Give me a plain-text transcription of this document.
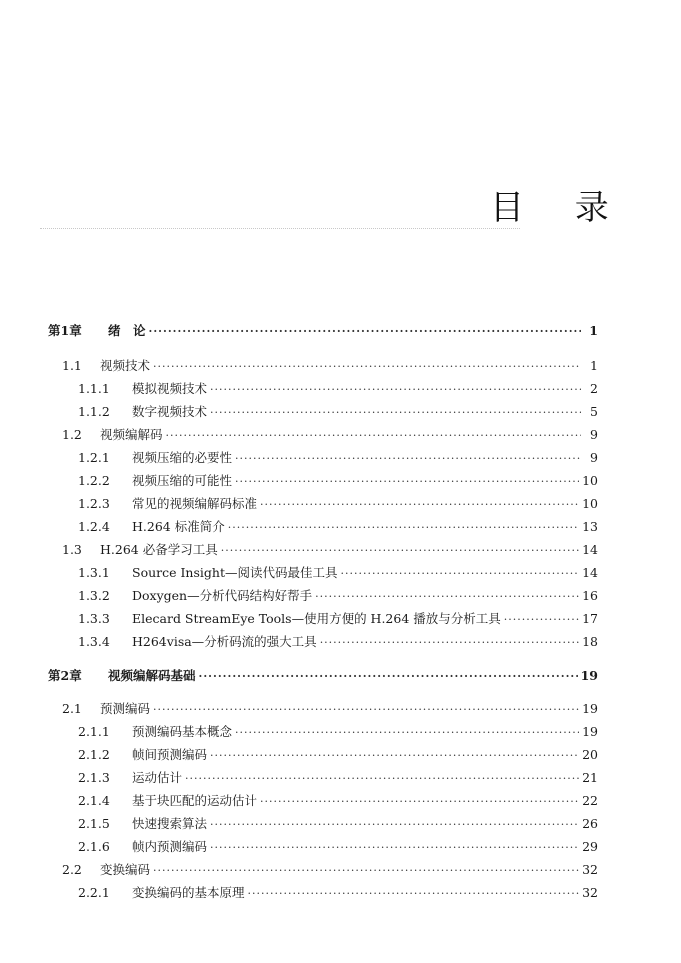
目 录
第1章	绪　论 ·····	1
1.1	视频技术 ·····	1
1.1.1	模拟视频技术 ·····	2
1.1.2	数字视频技术 ·····	5
1.2	视频编解码 ·····	9
1.2.1	视频压缩的必要性 ·····	9
1.2.2	视频压缩的可能性 ·····	10
1.2.3	常见的视频编解码标准 ·····	10
1.2.4	H.264 标准简介 ·····	13
1.3	H.264 必备学习工具 ·····	14
1.3.1	Source Insight—阅读代码最佳工具 ·····	14
1.3.2	Doxygen—分析代码结构好帮手 ·····	16
1.3.3	Elecard StreamEye Tools—使用方便的 H.264 播放与分析工具 ·····	17
1.3.4	H264visa—分析码流的强大工具 ·····	18
第2章	视频编解码基础 ·····	19
2.1	预测编码 ·····	19
2.1.1	预测编码基本概念 ·····	19
2.1.2	帧间预测编码 ·····	20
2.1.3	运动估计 ·····	21
2.1.4	基于块匹配的运动估计 ·····	22
2.1.5	快速搜索算法 ·····	26
2.1.6	帧内预测编码 ·····	29
2.2	变换编码 ·····	32
2.2.1	变换编码的基本原理 ·····	32
